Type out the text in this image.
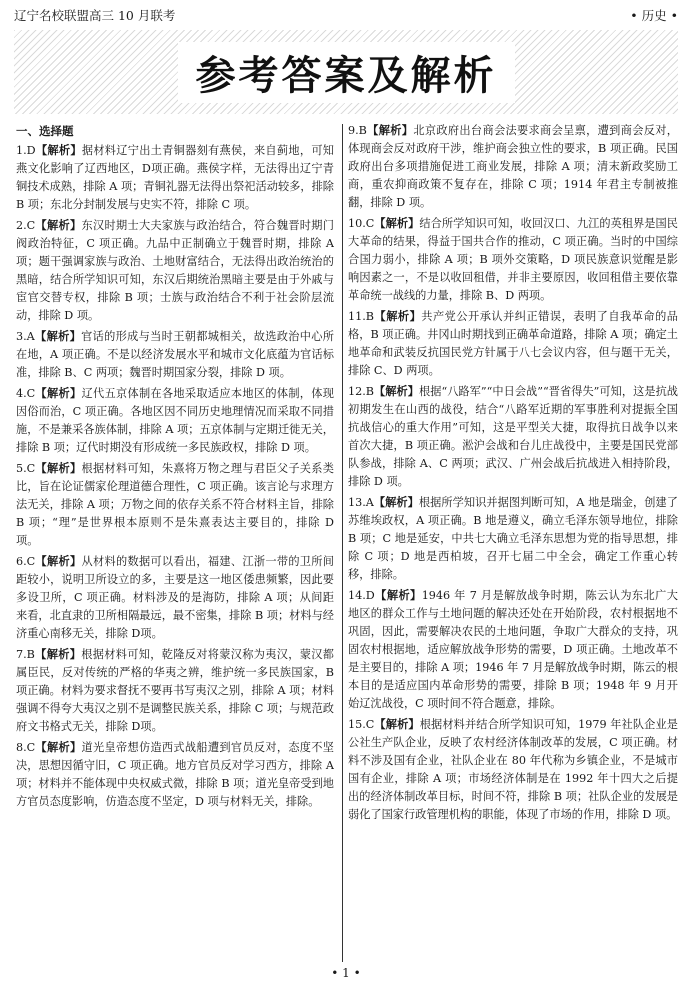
辽宁名校联盟高三 10 月联考	• 历史 •
参考答案及解析
一、选择题
1.D【解析】据材料辽宁出土青铜器刻有燕侯，来自蓟地，可知燕文化影响了辽西地区，D项正确。燕侯字样，无法得出辽宁青铜技术成熟，排除 A 项；青铜礼器无法得出祭祀活动较多，排除 B 项；东北分封制发展与史实不符，排除 C 项。
2.C【解析】东汉时期士大夫家族与政治结合，符合魏晋时期门阀政治特征，C 项正确。九品中正制确立于魏晋时期，排除 A 项；题干强调家族与政治、土地财富结合，无法得出政治统治的黑暗，结合所学知识可知，东汉后期统治黑暗主要是由于外戚与宦官交替专权，排除 B 项；士族与政治结合不利于社会阶层流动，排除 D 项。
3.A【解析】官话的形成与当时王朝都城相关，故选政治中心所在地，A 项正确。不是以经济发展水平和城市文化底蕴为官话标准，排除 B、C 两项；魏晋时期国家分裂，排除 D 项。
4.C【解析】辽代五京体制在各地采取适应本地区的体制，体现因俗而治，C 项正确。各地区因不同历史地理情况而采取不同措施，不是兼采各族体制，排除 A 项；五京体制与定期迁徙无关，排除 B 项；辽代时期没有形成统一多民族政权，排除 D 项。
5.C【解析】根据材料可知，朱熹将万物之理与君臣父子关系类比，旨在论证儒家伦理道德合理性，C 项正确。该言论与求理方法无关，排除 A 项；万物之间的依存关系不符合材料主旨，排除 B 项；“理”是世界根本原则不是朱熹表达主要目的，排除 D 项。
6.C【解析】从材料的数据可以看出，福建、江浙一带的卫所间距较小，说明卫所设立的多，主要是这一地区倭患频繁，因此要多设卫所，C 项正确。材料涉及的是海防，排除 A 项；从间距来看，北直隶的卫所相隔最远，最不密集，排除 B 项；材料与经济重心南移无关，排除 D项。
7.B【解析】根据材料可知，乾隆反对将蒙汉称为夷汉，蒙汉都属臣民，反对传统的严格的华夷之辨，维护统一多民族国家，B 项正确。材料为要求督抚不要再书写夷汉之别，排除 A 项；材料强调不得夸大夷汉之别不是调整民族关系，排除 C 项；与规范政府文书格式无关，排除 D项。
8.C【解析】道光皇帝想仿造西式战船遭到官员反对，态度不坚决，思想因循守旧，C 项正确。地方官员反对学习西方，排除 A 项；材料并不能体现中央权威式微，排除 B 项；道光皇帝受到地方官员态度影响，仿造态度不坚定，D 项与材料无关，排除。
9.B【解析】北京政府出台商会法要求商会呈禀，遭到商会反对，体现商会反对政府干涉，维护商会独立性的要求，B 项正确。民国政府出台多项措施促进工商业发展，排除 A 项；清末新政奖励工商，重农抑商政策不复存在，排除 C 项；1914 年君主专制被推翻，排除 D 项。
10.C【解析】结合所学知识可知，收回汉口、九江的英租界是国民大革命的结果，得益于国共合作的推动，C 项正确。当时的中国综合国力弱小，排除 A 项；B 项外交策略，D 项民族意识觉醒是影响因素之一，不是以收回租借，并非主要原因，收回租借主要依靠革命统一战线的力量，排除 B、D 两项。
11.B【解析】共产党公开承认并纠正错误，表明了自我革命的品格，B 项正确。井冈山时期找到正确革命道路，排除 A 项；确定土地革命和武装反抗国民党方针属于八七会议内容，但与题干无关，排除 C、D 两项。
12.B【解析】根据“八路军”“中日会战”“晋省得失”可知，这是抗战初期发生在山西的战役，结合“八路军近期的军事胜利对提振全国抗战信心的重大作用”可知，这是平型关大捷，取得抗日战争以来首次大捷，B 项正确。淞沪会战和台儿庄战役中，主要是国民党部队参战，排除 A、C 两项；武汉、广州会战后抗战进入相持阶段，排除 D 项。
13.A【解析】根据所学知识并据图判断可知，A 地是瑞金，创建了苏维埃政权，A 项正确。B 地是遵义，确立毛泽东领导地位，排除 B 项；C 地是延安，中共七大确立毛泽东思想为党的指导思想，排除 C 项；D 地是西柏坡，召开七届二中全会，确定工作重心转移，排除。
14.D【解析】1946 年 7 月是解放战争时期，陈云认为东北广大地区的群众工作与土地问题的解决还处在开始阶段，农村根据地不巩固，因此，需要解决农民的土地问题，争取广大群众的支持，巩固农村根据地，适应解放战争形势的需要，D 项正确。土地改革不是主要目的，排除 A 项；1946 年 7 月是解放战争时期，陈云的根本目的是适应国内革命形势的需要，排除 B 项；1948 年 9 月开始辽沈战役，C 项时间不符合题意，排除。
15.C【解析】根据材料并结合所学知识可知，1979 年社队企业是公社生产队企业，反映了农村经济体制改革的发展，C 项正确。材料不涉及国有企业，社队企业在 80 年代称为乡镇企业，不是城市国有企业，排除 A 项；市场经济体制是在 1992 年十四大之后提出的经济体制改革目标，时间不符，排除 B 项；社队企业的发展是弱化了国家行政管理机构的职能，体现了市场的作用，排除 D 项。
• 1 •
